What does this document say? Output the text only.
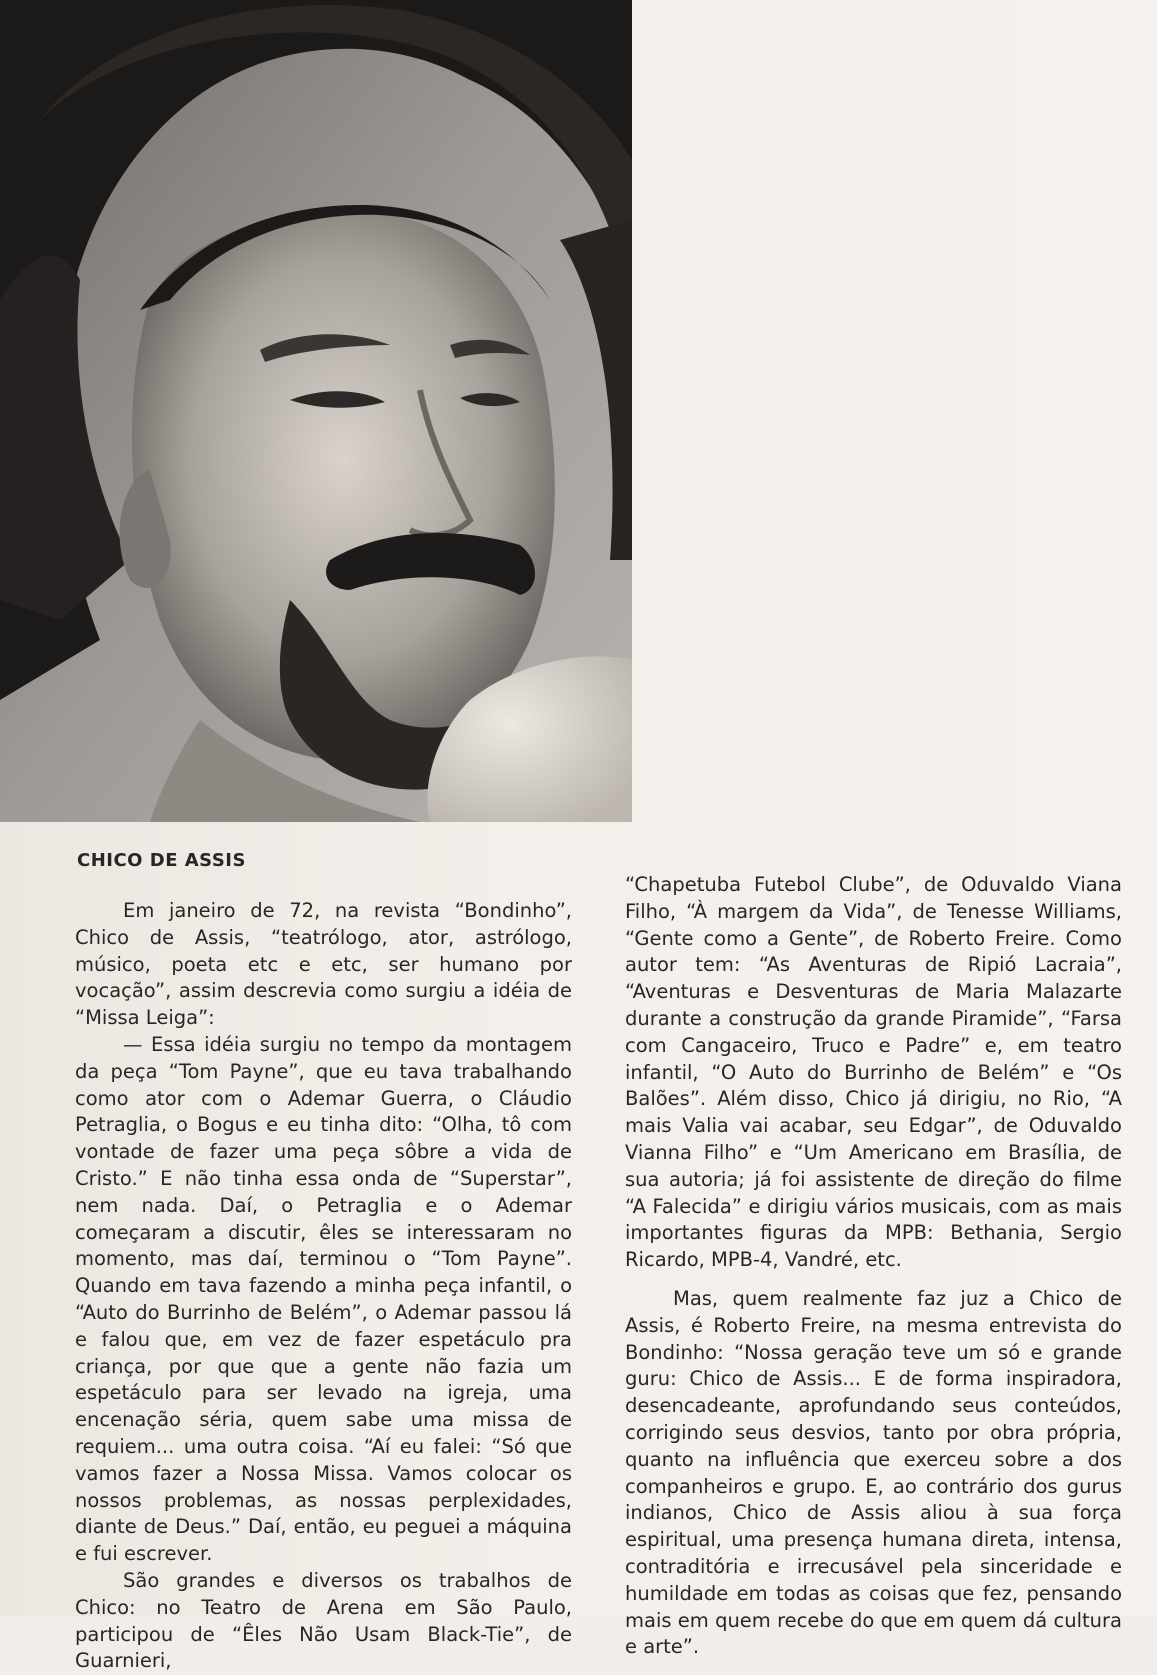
CHICO DE ASSIS

Em janeiro de 72, na revista “Bondinho”, Chico de Assis, “teatrólogo, ator, astrólogo, músico, poeta etc e etc, ser humano por vocação”, assim descrevia como surgiu a idéia de “Missa Leiga”:

— Essa idéia surgiu no tempo da montagem da peça “Tom Payne”, que eu tava trabalhando como ator com o Ademar Guerra, o Cláudio Petraglia, o Bogus e eu tinha dito: “Olha, tô com vontade de fazer uma peça sôbre a vida de Cristo.” E não tinha essa onda de “Superstar”, nem nada. Daí, o Petraglia e o Ademar começaram a discutir, êles se interessaram no momento, mas daí, terminou o “Tom Payne”. Quando em tava fazendo a minha peça infantil, o “Auto do Burrinho de Belém”, o Ademar passou lá e falou que, em vez de fazer espetáculo pra criança, por que que a gente não fazia um espetáculo para ser levado na igreja, uma encenação séria, quem sabe uma missa de requiem... uma outra coisa. “Aí eu falei: “Só que vamos fazer a Nossa Missa. Vamos colocar os nossos problemas, as nossas perplexidades, diante de Deus.” Daí, então, eu peguei a máquina e fui escrever.

São grandes e diversos os trabalhos de Chico: no Teatro de Arena em São Paulo, participou de “Êles Não Usam Black-Tie”, de Guarnieri,

“Chapetuba Futebol Clube”, de Oduvaldo Viana Filho, “À margem da Vida”, de Tenesse Williams, “Gente como a Gente”, de Roberto Freire. Como autor tem: “As Aventuras de Ripió Lacraia”, “Aventuras e Desventuras de Maria Malazarte durante a construção da grande Piramide”, “Farsa com Cangaceiro, Truco e Padre” e, em teatro infantil, “O Auto do Burrinho de Belém” e “Os Balões”. Além disso, Chico já dirigiu, no Rio, “A mais Valia vai acabar, seu Edgar”, de Oduvaldo Vianna Filho” e “Um Americano em Brasília, de sua autoria; já foi assistente de direção do filme “A Falecida” e dirigiu vários musicais, com as mais importantes figuras da MPB: Bethania, Sergio Ricardo, MPB-4, Vandré, etc.

Mas, quem realmente faz juz a Chico de Assis, é Roberto Freire, na mesma entrevista do Bondinho: “Nossa geração teve um só e grande guru: Chico de Assis... E de forma inspiradora, desencadeante, aprofundando seus conteúdos, corrigindo seus desvios, tanto por obra própria, quanto na influência que exerceu sobre a dos companheiros e grupo. E, ao contrário dos gurus indianos, Chico de Assis aliou à sua força espiritual, uma presença humana direta, intensa, contraditória e irrecusável pela sinceridade e humildade em todas as coisas que fez, pensando mais em quem recebe do que em quem dá cultura e arte”.
